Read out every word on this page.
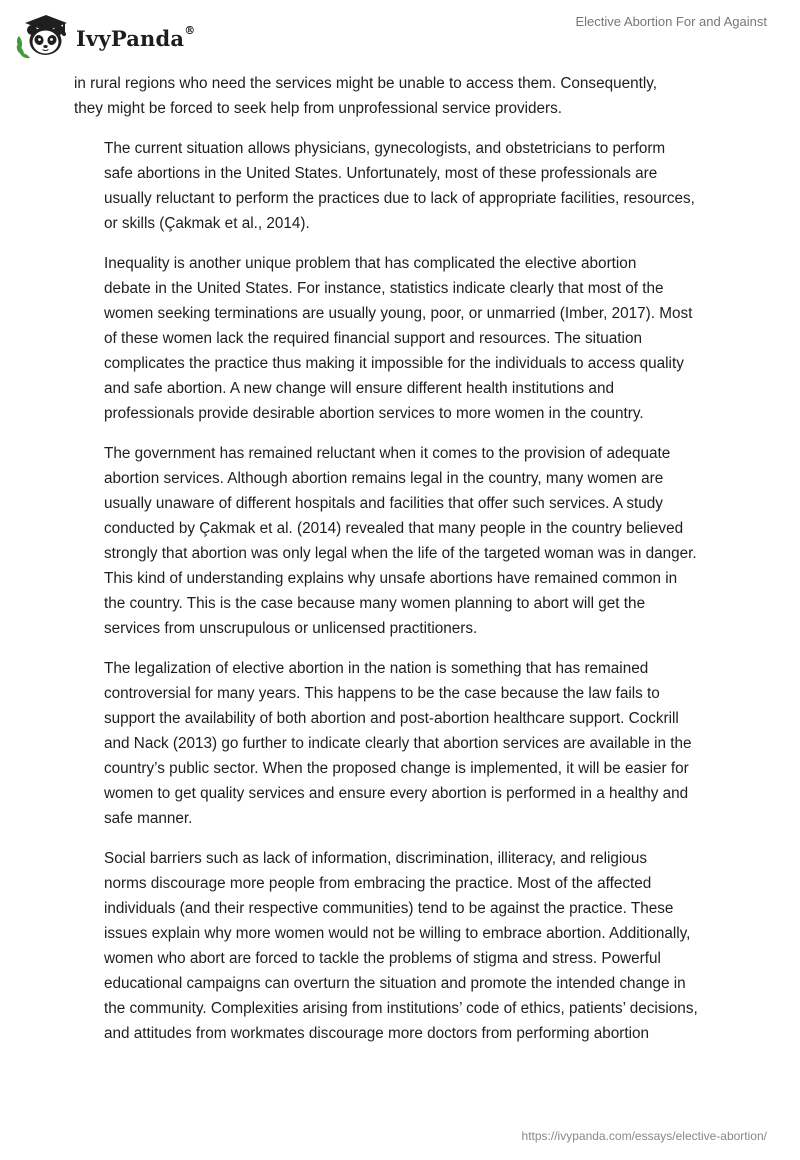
IvyPanda®
Elective Abortion For and Against

in rural regions who need the services might be unable to access them. Consequently,
they might be forced to seek help from unprofessional service providers.

The current situation allows physicians, gynecologists, and obstetricians to perform
safe abortions in the United States. Unfortunately, most of these professionals are
usually reluctant to perform the practices due to lack of appropriate facilities, resources,
or skills (Çakmak et al., 2014).

Inequality is another unique problem that has complicated the elective abortion
debate in the United States. For instance, statistics indicate clearly that most of the
women seeking terminations are usually young, poor, or unmarried (Imber, 2017). Most
of these women lack the required financial support and resources. The situation
complicates the practice thus making it impossible for the individuals to access quality
and safe abortion. A new change will ensure different health institutions and
professionals provide desirable abortion services to more women in the country.

The government has remained reluctant when it comes to the provision of adequate
abortion services. Although abortion remains legal in the country, many women are
usually unaware of different hospitals and facilities that offer such services. A study
conducted by Çakmak et al. (2014) revealed that many people in the country believed
strongly that abortion was only legal when the life of the targeted woman was in danger.
This kind of understanding explains why unsafe abortions have remained common in
the country. This is the case because many women planning to abort will get the
services from unscrupulous or unlicensed practitioners.

The legalization of elective abortion in the nation is something that has remained
controversial for many years. This happens to be the case because the law fails to
support the availability of both abortion and post-abortion healthcare support. Cockrill
and Nack (2013) go further to indicate clearly that abortion services are available in the
country’s public sector. When the proposed change is implemented, it will be easier for
women to get quality services and ensure every abortion is performed in a healthy and
safe manner.

Social barriers such as lack of information, discrimination, illiteracy, and religious
norms discourage more people from embracing the practice. Most of the affected
individuals (and their respective communities) tend to be against the practice. These
issues explain why more women would not be willing to embrace abortion. Additionally,
women who abort are forced to tackle the problems of stigma and stress. Powerful
educational campaigns can overturn the situation and promote the intended change in
the community. Complexities arising from institutions’ code of ethics, patients’ decisions,
and attitudes from workmates discourage more doctors from performing abortion

https://ivypanda.com/essays/elective-abortion/
